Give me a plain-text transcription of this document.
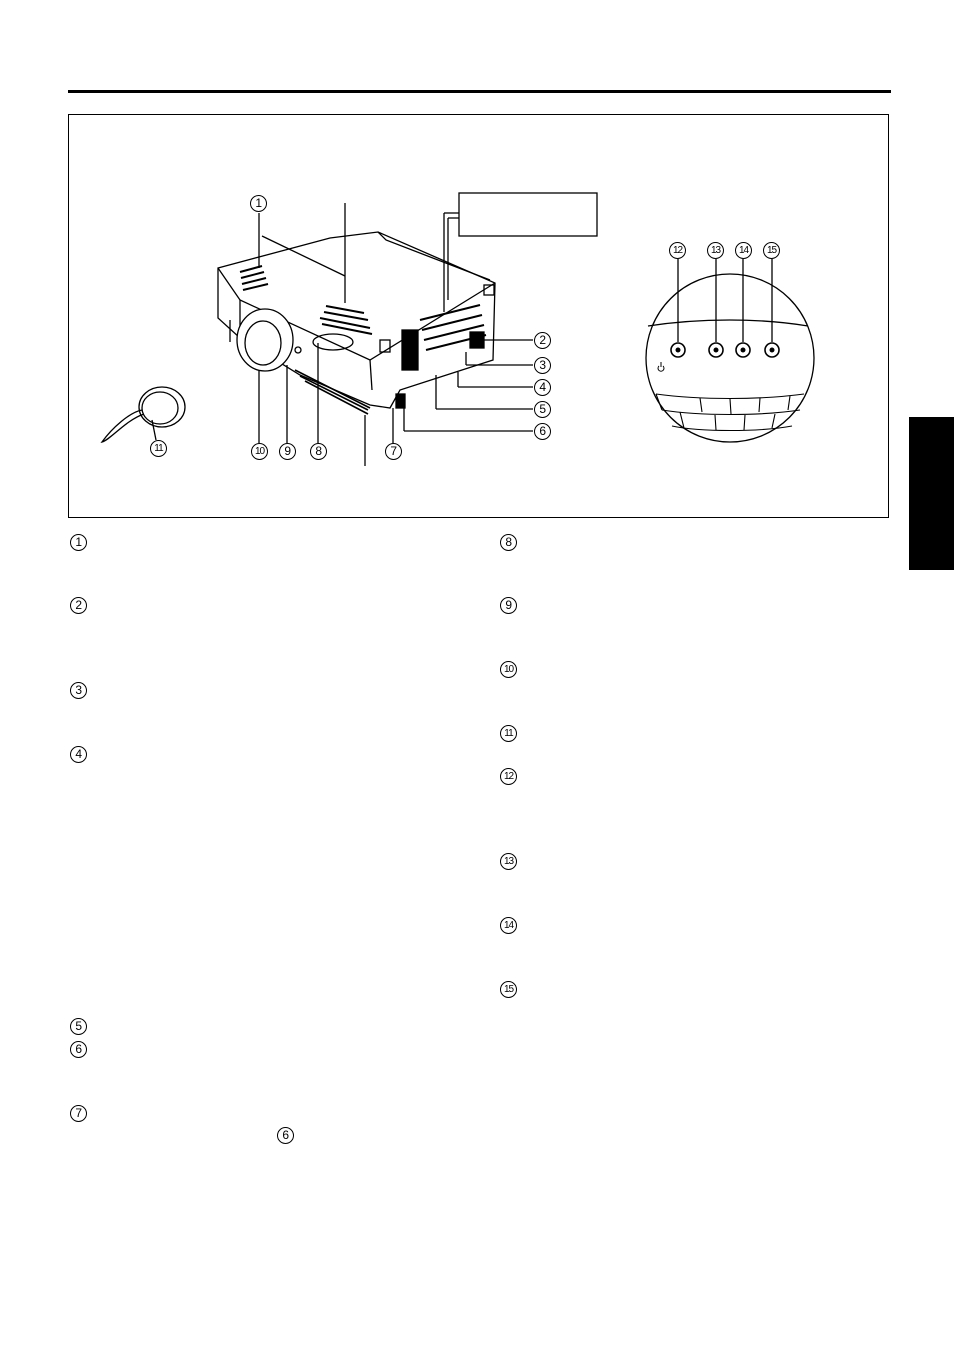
1
2
3
4
5
6
7
8
9
10
11
12	13	14	15
1
2
3
4
5
6
7
6
8
9
10
11
12
13
14
15
